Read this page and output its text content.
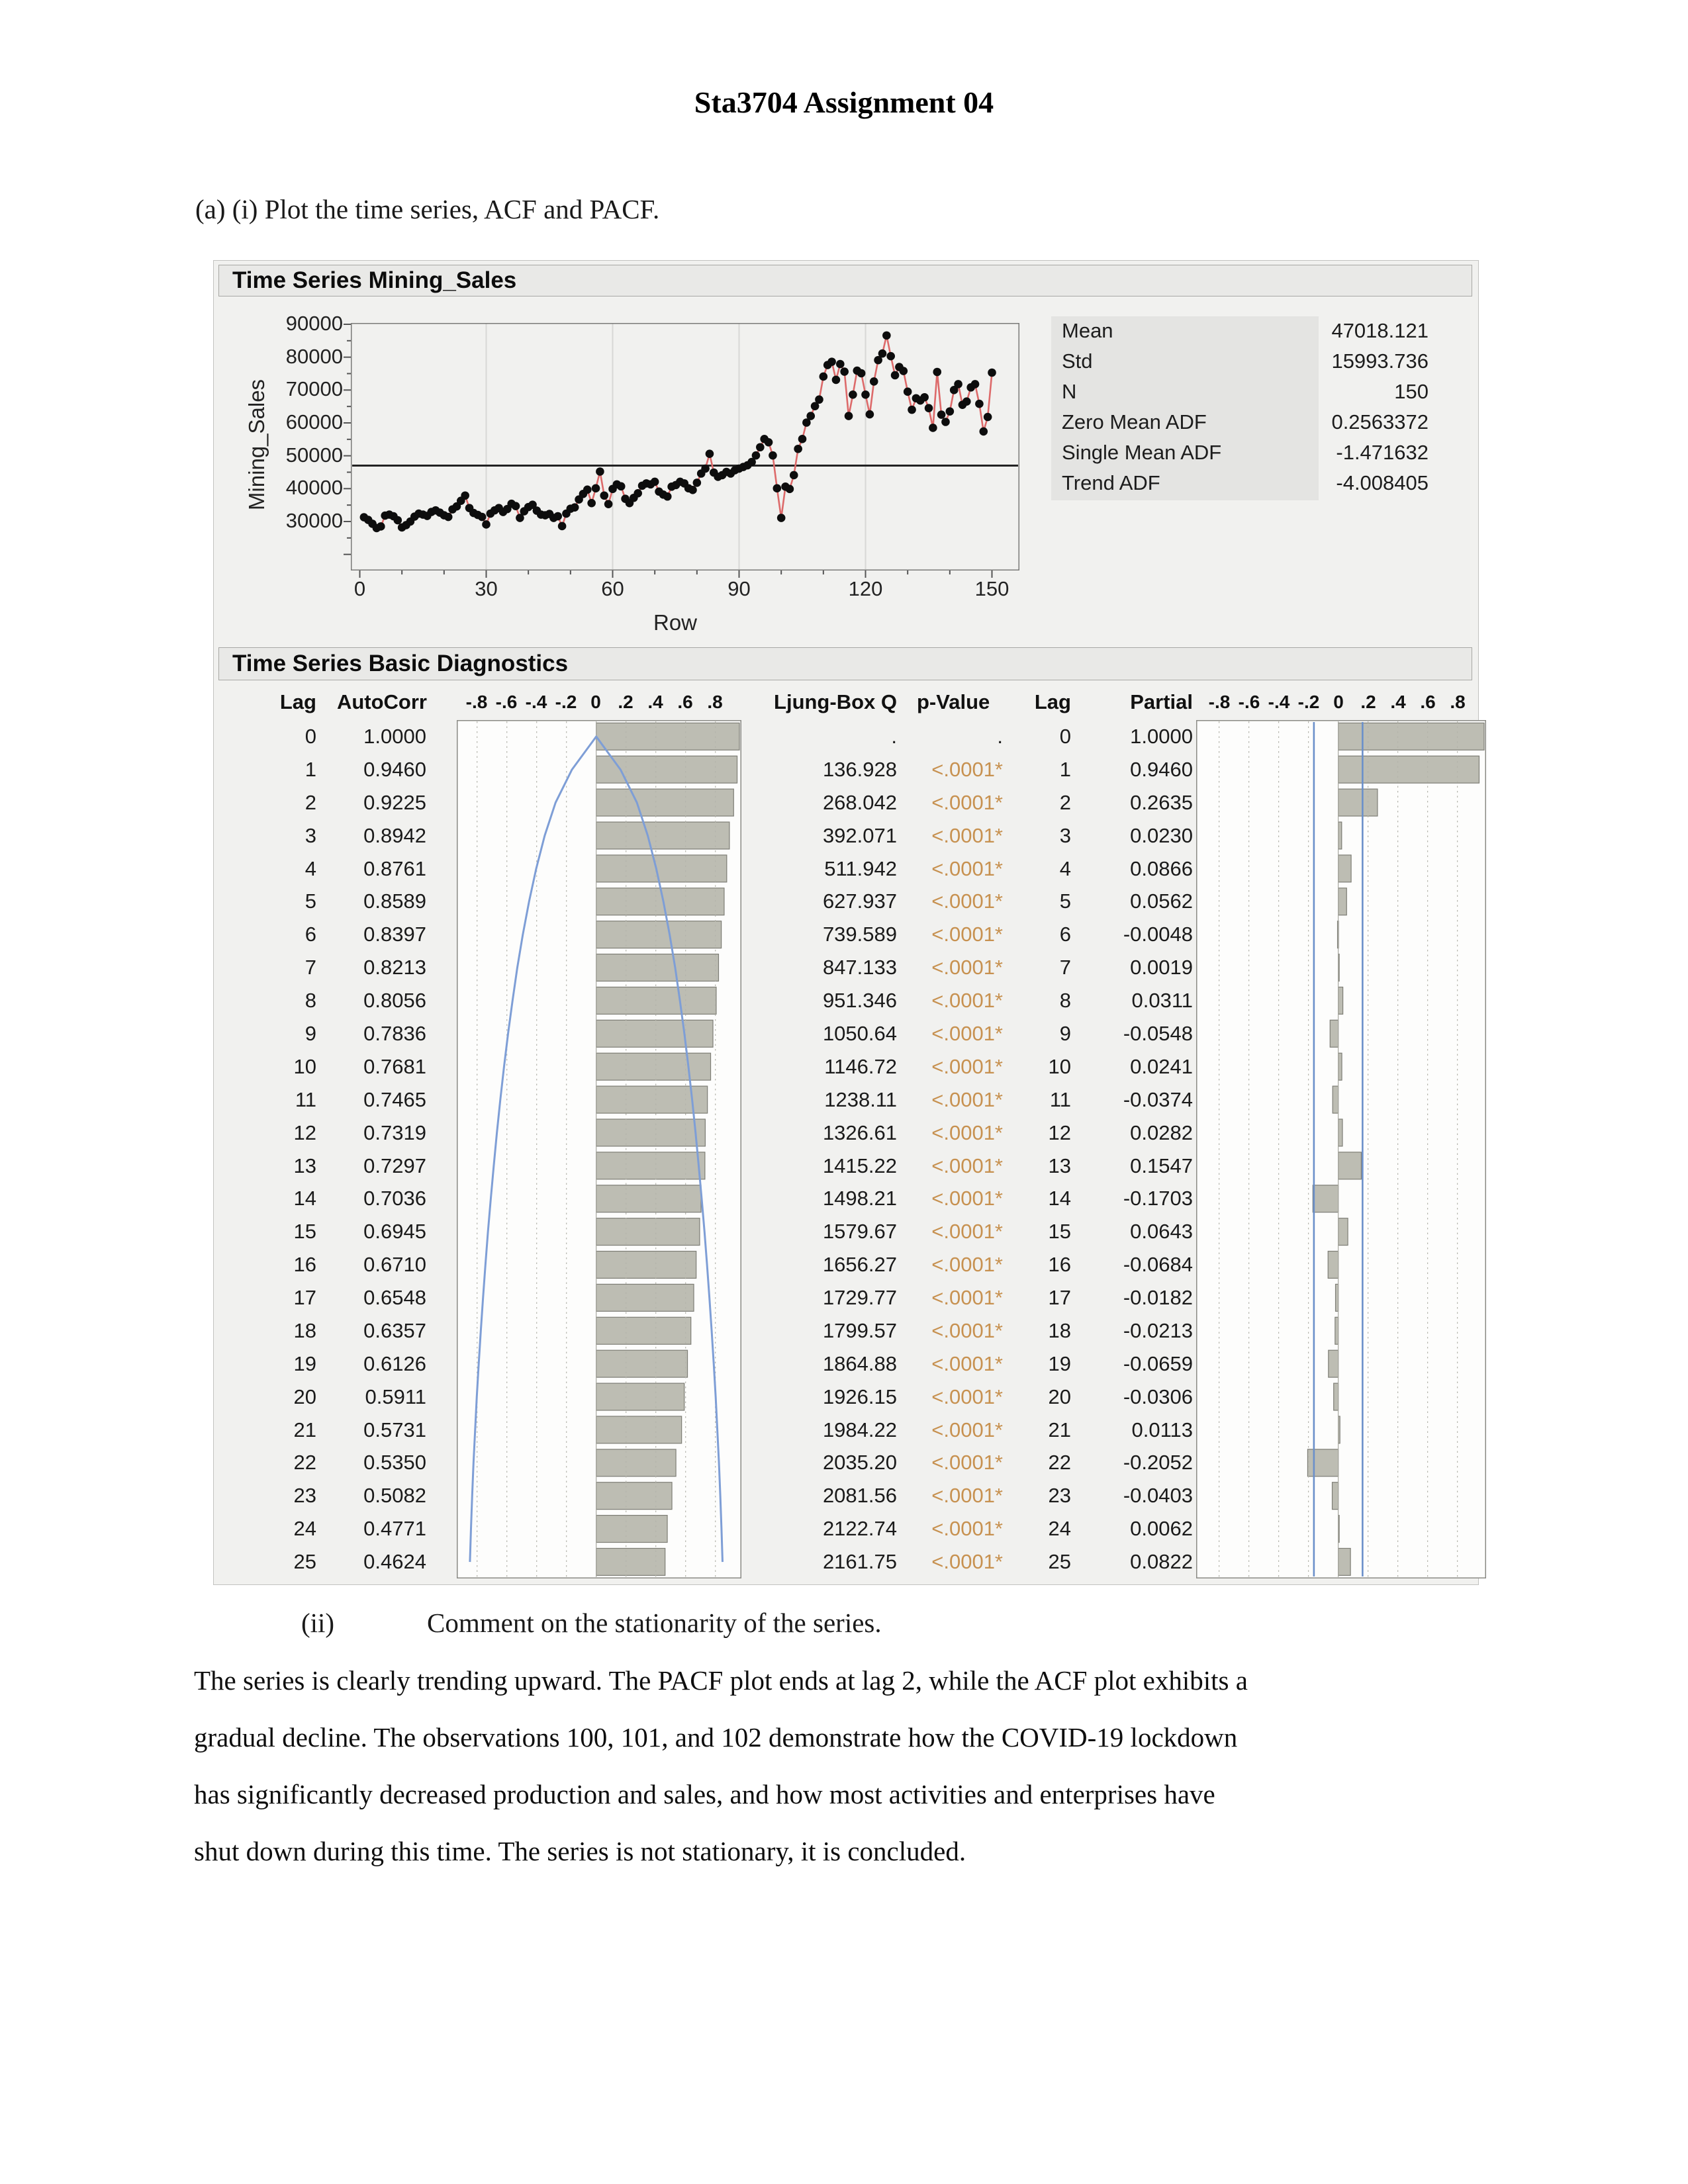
Sta3704 Assignment 04
(a) (i) Plot the time series, ACF and PACF.
Time Series Mining_Sales
30000
40000
50000
60000
70000
80000
90000
0	30	60	90	120	150
Row
Mining_Sales
Mean	47018.121
Std	15993.736
N	150
Zero Mean ADF	0.2563372
Single Mean ADF	-1.471632
Trend ADF	-4.008405
Time Series Basic Diagnostics
Lag AutoCorr -.8 -.6 -.4 -.2 0 .2 .4 .6 .8	Ljung-Box Q p-Value	Lag	Partial -.8 -.6 -.4 -.2 0 .2 .4 .6 .8
0	1.0000	.	.	0	1.0000
1	0.9460	136.928	<.0001*	1	0.9460
2	0.9225	268.042	<.0001*	2	0.2635
3	0.8942	392.071	<.0001*	3	0.0230
4	0.8761	511.942	<.0001*	4	0.0866
5	0.8589	627.937	<.0001*	5	0.0562
6	0.8397	739.589	<.0001*	6	-0.0048
7	0.8213	847.133	<.0001*	7	0.0019
8	0.8056	951.346	<.0001*	8	0.0311
9	0.7836	1050.64	<.0001*	9	-0.0548
10	0.7681	1146.72	<.0001*	10	0.0241
11	0.7465	1238.11	<.0001*	11	-0.0374
12	0.7319	1326.61	<.0001*	12	0.0282
13	0.7297	1415.22	<.0001*	13	0.1547
14	0.7036	1498.21	<.0001*	14	-0.1703
15	0.6945	1579.67	<.0001*	15	0.0643
16	0.6710	1656.27	<.0001*	16	-0.0684
17	0.6548	1729.77	<.0001*	17	-0.0182
18	0.6357	1799.57	<.0001*	18	-0.0213
19	0.6126	1864.88	<.0001*	19	-0.0659
20	0.5911	1926.15	<.0001*	20	-0.0306
21	0.5731	1984.22	<.0001*	21	0.0113
22	0.5350	2035.20	<.0001*	22	-0.2052
23	0.5082	2081.56	<.0001*	23	-0.0403
24	0.4771	2122.74	<.0001*	24	0.0062
25	0.4624	2161.75	<.0001*	25	0.0822
(ii)	Comment on the stationarity of the series.
The series is clearly trending upward. The PACF plot ends at lag 2, while the ACF plot exhibits a
gradual decline. The observations 100, 101, and 102 demonstrate how the COVID-19 lockdown
has significantly decreased production and sales, and how most activities and enterprises have
shut down during this time. The series is not stationary, it is concluded.
